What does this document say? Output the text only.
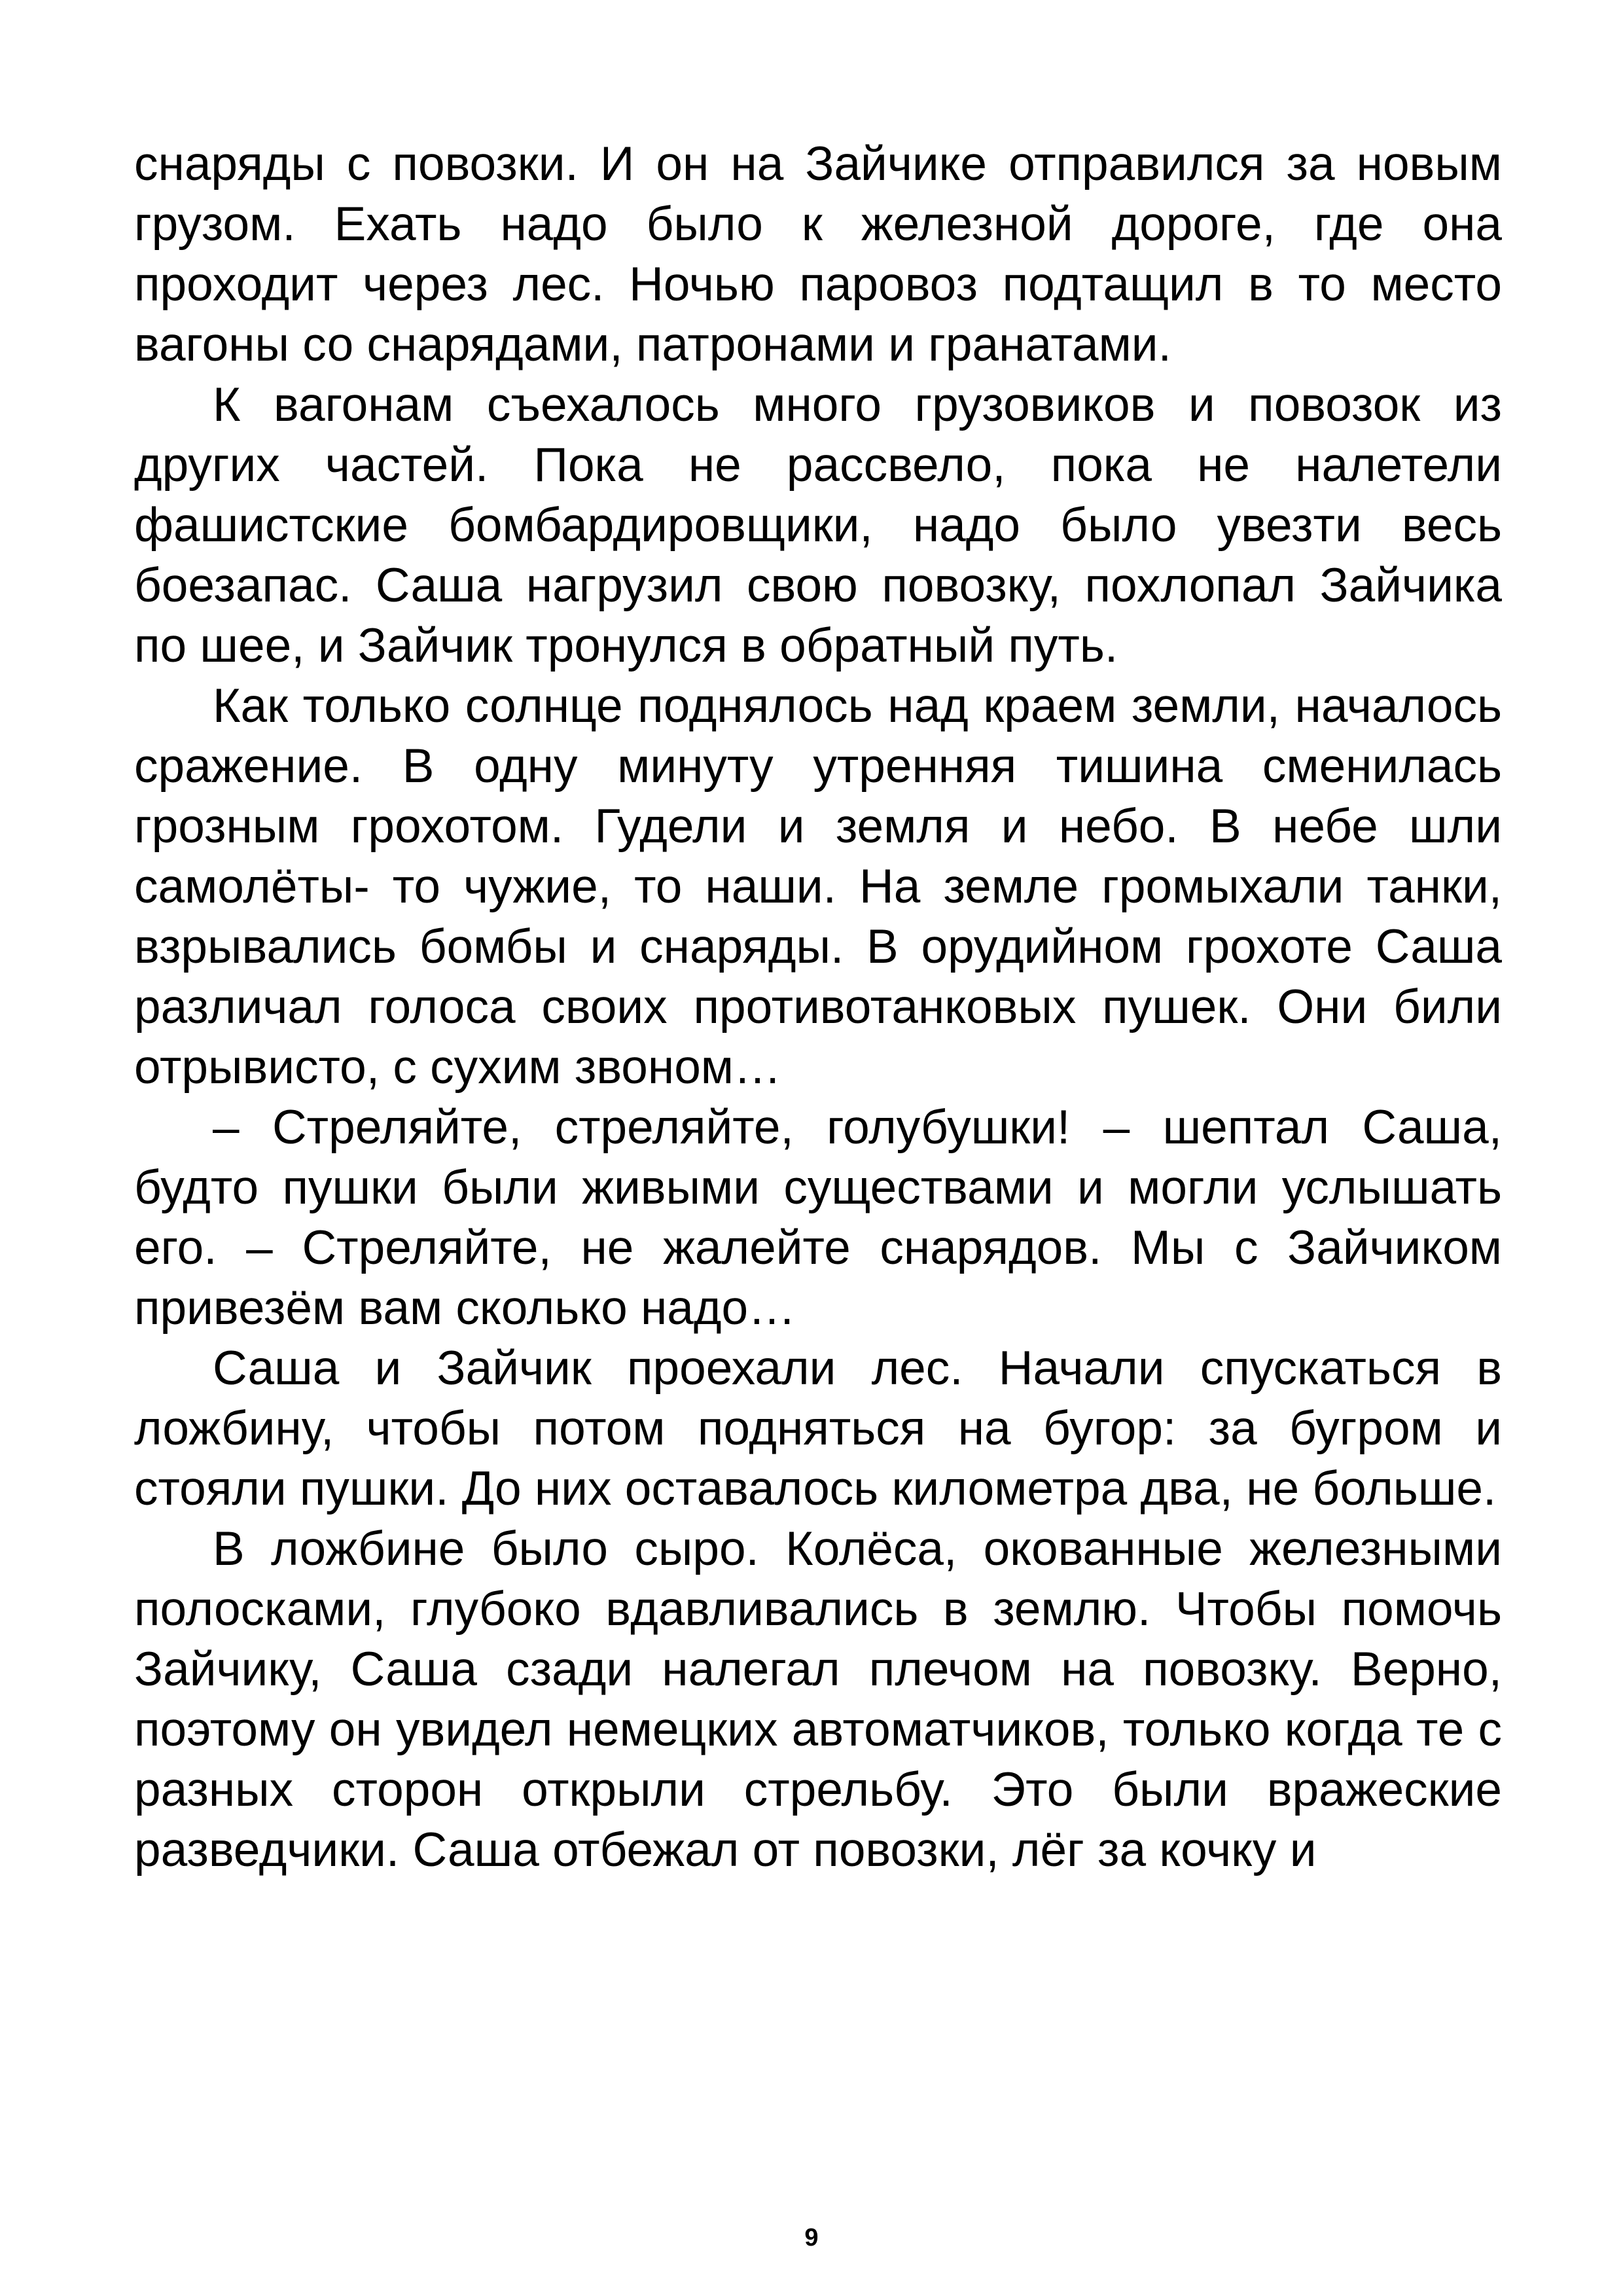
снаряды с повозки. И он на Зайчике отправился за новым грузом. Ехать надо было к железной дороге, где она проходит через лес. Ночью паровоз подтащил в то место вагоны со снарядами, патронами и гранатами.

К вагонам съехалось много грузовиков и повозок из других частей. Пока не рассвело, пока не налетели фашистские бомбардировщики, надо было увезти весь боезапас. Саша нагрузил свою повозку, похлопал Зайчика по шее, и Зайчик тронулся в обратный путь.

Как только солнце поднялось над краем земли, началось сражение. В одну минуту утренняя тишина сменилась грозным грохотом. Гудели и земля и небо. В небе шли самолёты- то чужие, то наши. На земле громыхали танки, взрывались бомбы и снаряды. В орудийном грохоте Саша различал голоса своих противотанковых пушек. Они били отрывисто, с сухим звоном…

– Стреляйте, стреляйте, голубушки! – шептал Саша, будто пушки были живыми существами и могли услышать его. – Стреляйте, не жалейте снарядов. Мы с Зайчиком привезём вам сколько надо…

Саша и Зайчик проехали лес. Начали спускаться в ложбину, чтобы потом подняться на бугор: за бугром и стояли пушки. До них оставалось километра два, не больше.

В ложбине было сыро. Колёса, окованные железными полосками, глубоко вдавливались в землю. Чтобы помочь Зайчику, Саша сзади налегал плечом на повозку. Верно, поэтому он увидел немецких автоматчиков, только когда те с разных сторон открыли стрельбу. Это были вражеские разведчики. Саша отбежал от повозки, лёг за кочку и

9
